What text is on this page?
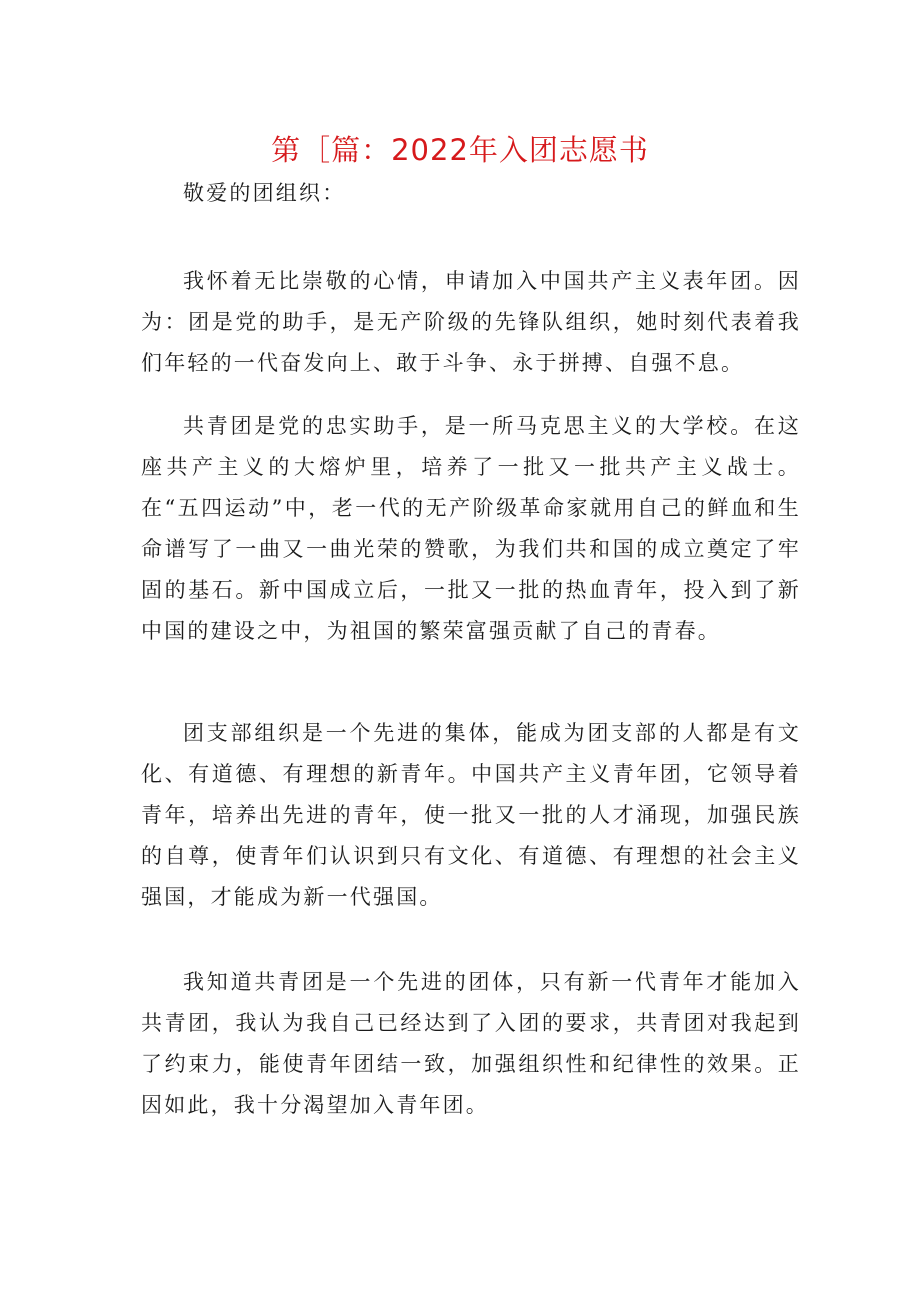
第［篇：2022年入团志愿书

敬爱的团组织：

我怀着无比崇敬的心情，申请加入中国共产主义表年团。因为：团是党的助手，是无产阶级的先锋队组织，她时刻代表着我们年轻的一代奋发向上、敢于斗争、永于拼搏、自强不息。

共青团是党的忠实助手，是一所马克思主义的大学校。在这座共产主义的大熔炉里，培养了一批又一批共产主义战士。在“五四运动”中，老一代的无产阶级革命家就用自己的鲜血和生命谱写了一曲又一曲光荣的赞歌，为我们共和国的成立奠定了牢固的基石。新中国成立后，一批又一批的热血青年，投入到了新中国的建设之中，为祖国的繁荣富强贡献了自己的青春。

团支部组织是一个先进的集体，能成为团支部的人都是有文化、有道德、有理想的新青年。中国共产主义青年团，它领导着青年，培养出先进的青年，使一批又一批的人才涌现，加强民族的自尊，使青年们认识到只有文化、有道德、有理想的社会主义强国，才能成为新一代强国。

我知道共青团是一个先进的团体，只有新一代青年才能加入共青团，我认为我自己已经达到了入团的要求，共青团对我起到了约束力，能使青年团结一致，加强组织性和纪律性的效果。正因如此，我十分渴望加入青年团。
